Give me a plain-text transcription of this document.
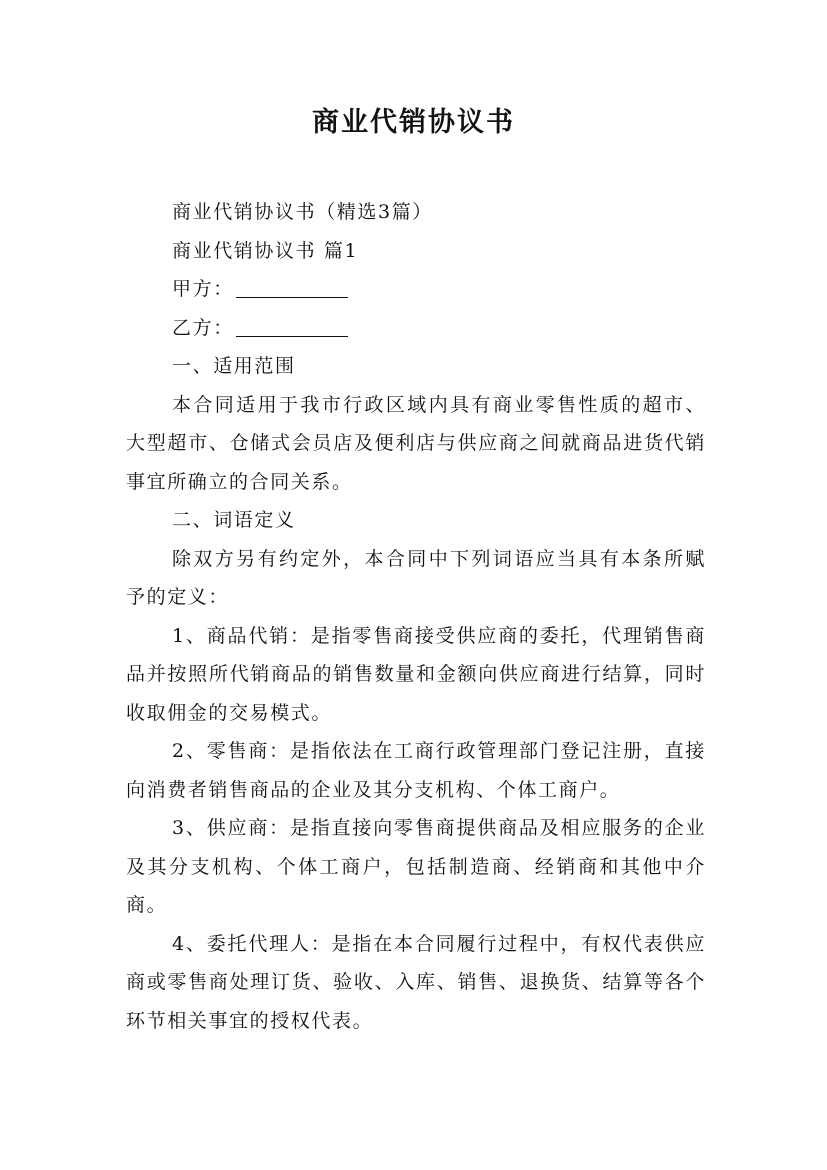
商业代销协议书

商业代销协议书（精选3篇）

商业代销协议书 篇1

甲方：

乙方：

一、适用范围

本合同适用于我市行政区域内具有商业零售性质的超市、大型超市、仓储式会员店及便利店与供应商之间就商品进货代销事宜所确立的合同关系。

二、词语定义

除双方另有约定外，本合同中下列词语应当具有本条所赋予的定义：

1、商品代销：是指零售商接受供应商的委托，代理销售商品并按照所代销商品的销售数量和金额向供应商进行结算，同时收取佣金的交易模式。

2、零售商：是指依法在工商行政管理部门登记注册，直接向消费者销售商品的企业及其分支机构、个体工商户。

3、供应商：是指直接向零售商提供商品及相应服务的企业及其分支机构、个体工商户，包括制造商、经销商和其他中介商。

4、委托代理人：是指在本合同履行过程中，有权代表供应商或零售商处理订货、验收、入库、销售、退换货、结算等各个环节相关事宜的授权代表。
